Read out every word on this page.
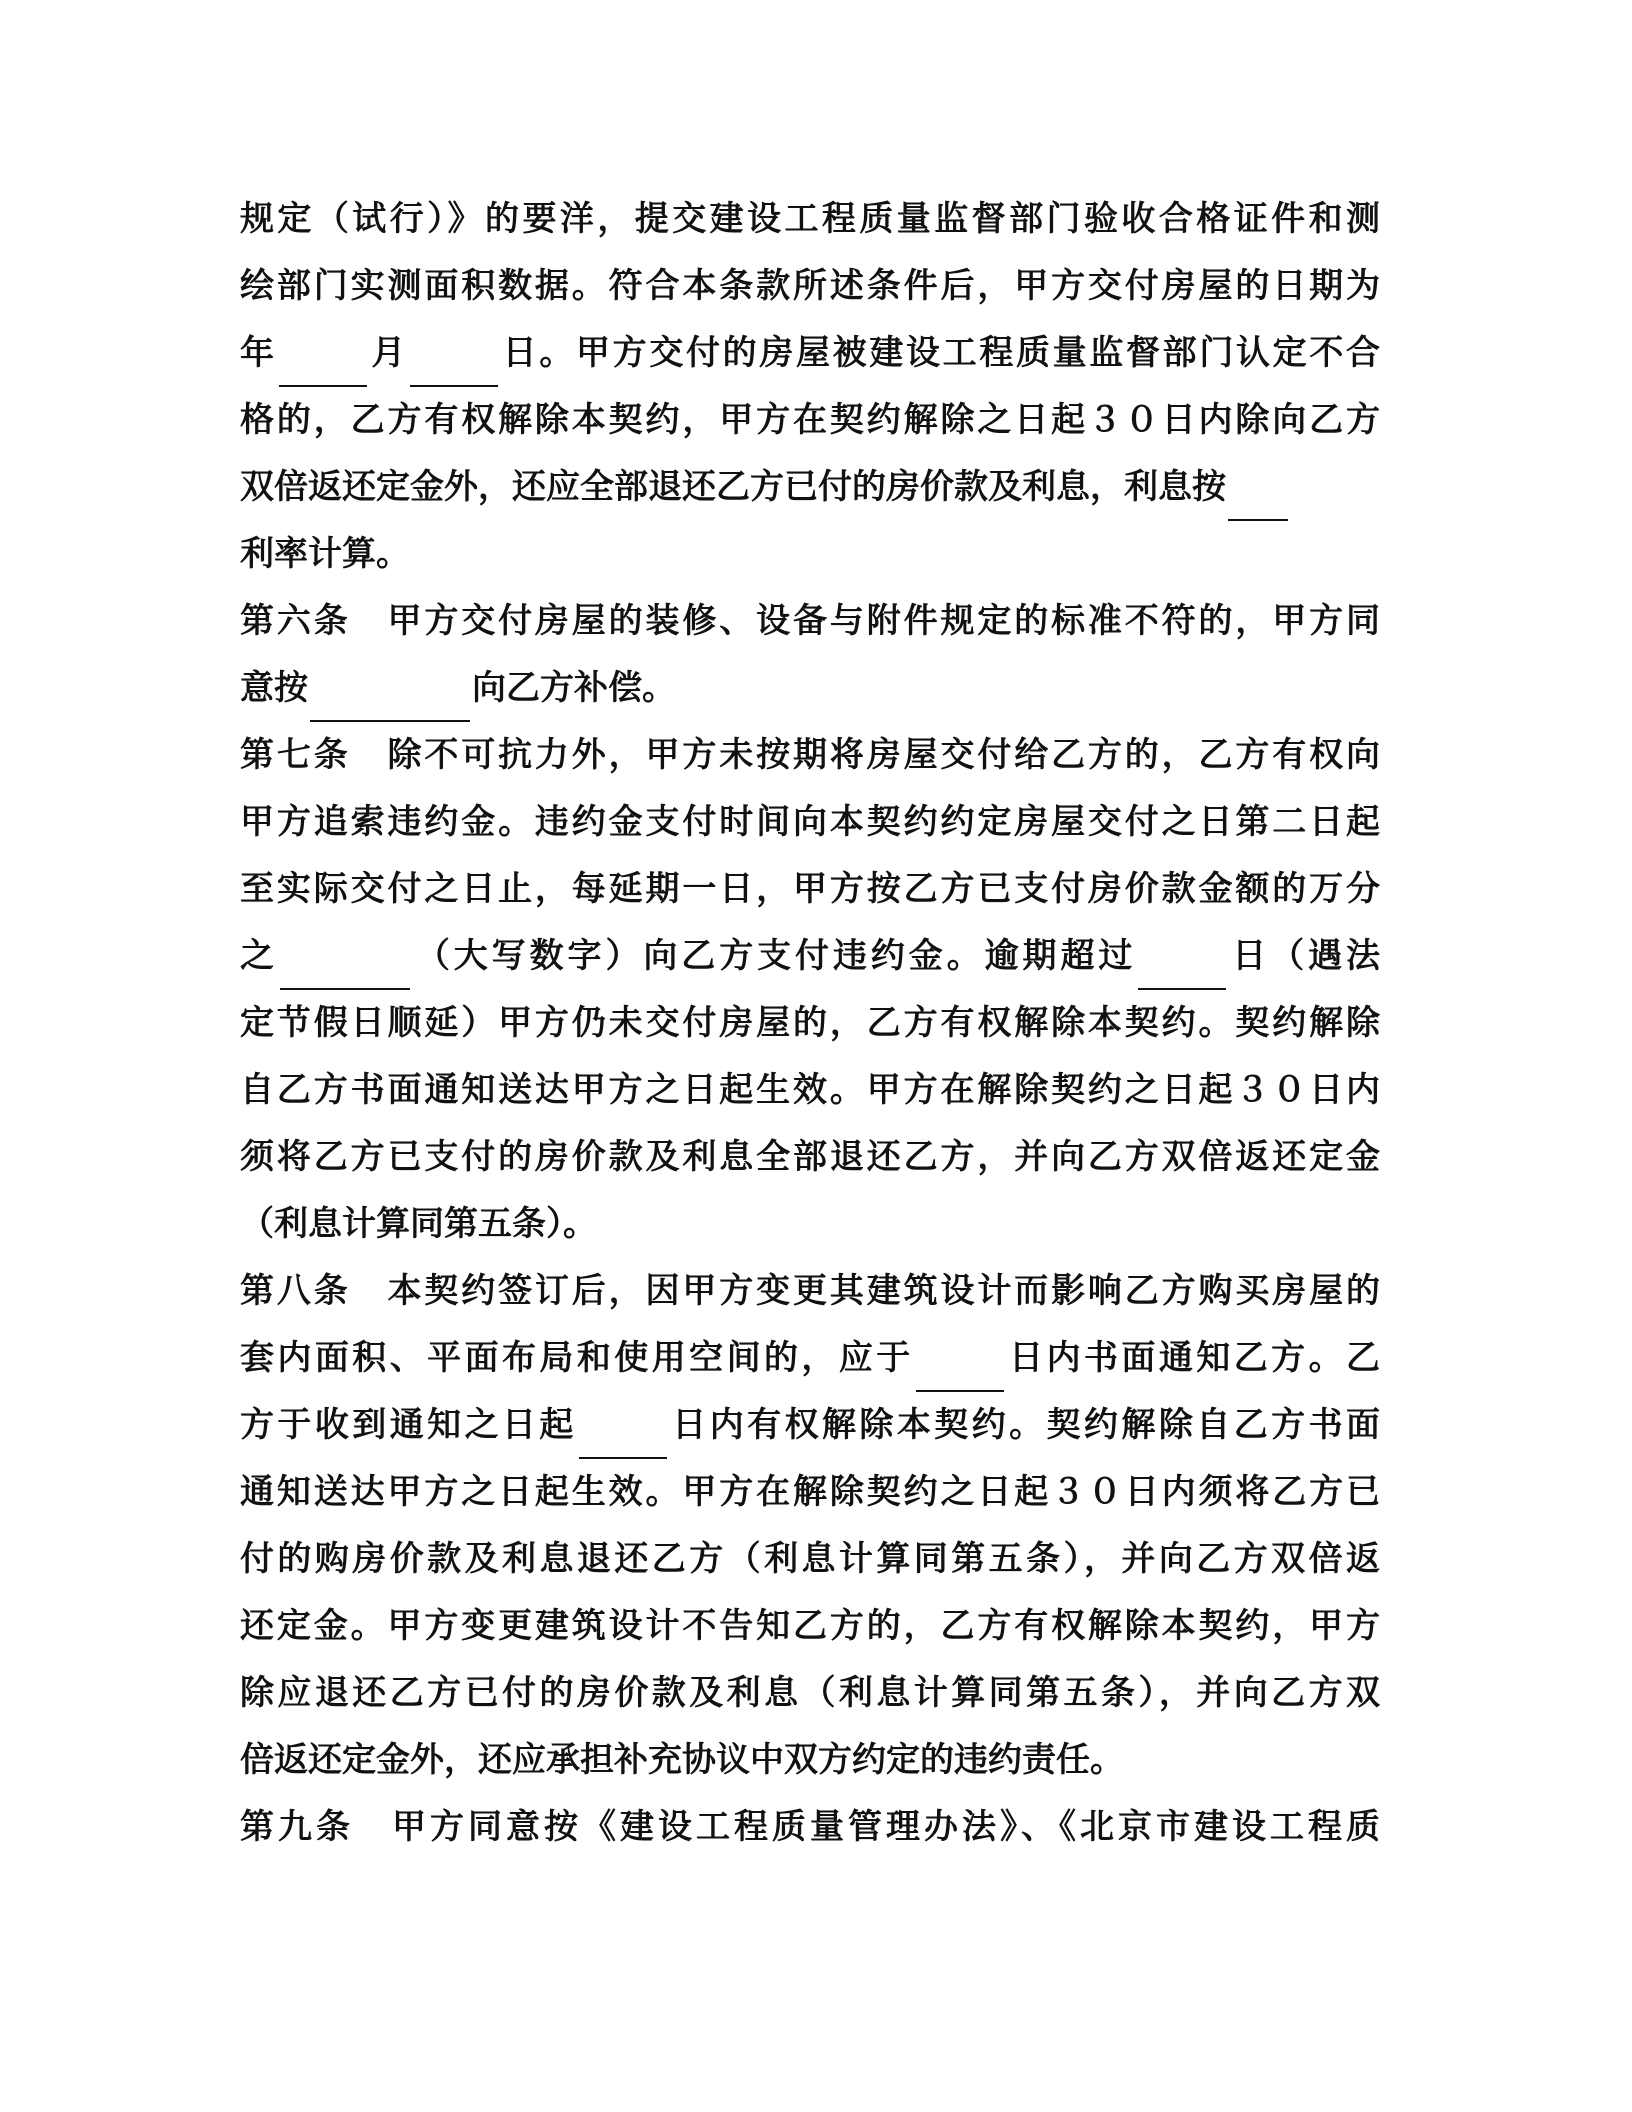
规定（试行）》的要洋，提交建设工程质量监督部门验收合格证件和测
绘部门实测面积数据。符合本条款所述条件后，甲方交付房屋的日期为
年	月	日。甲方交付的房屋被建设工程质量监督部门认定不合
格的，乙方有权解除本契约，甲方在契约解除之日起３０日内除向乙方
双倍返还定金外，还应全部退还乙方已付的房价款及利息，利息按
利率计算。
第六条　甲方交付房屋的装修、设备与附件规定的标准不符的，甲方同
意按	向乙方补偿。
第七条　除不可抗力外，甲方未按期将房屋交付给乙方的，乙方有权向
甲方追索违约金。违约金支付时间向本契约约定房屋交付之日第二日起
至实际交付之日止，每延期一日，甲方按乙方已支付房价款金额的万分
之	（大写数字）向乙方支付违约金。逾期超过	日（遇法
定节假日顺延）甲方仍未交付房屋的，乙方有权解除本契约。契约解除
自乙方书面通知送达甲方之日起生效。甲方在解除契约之日起３０日内
须将乙方已支付的房价款及利息全部退还乙方，并向乙方双倍返还定金
（利息计算同第五条）。
第八条　本契约签订后，因甲方变更其建筑设计而影响乙方购买房屋的
套内面积、平面布局和使用空间的，应于	日内书面通知乙方。乙
方于收到通知之日起	日内有权解除本契约。契约解除自乙方书面
通知送达甲方之日起生效。甲方在解除契约之日起３０日内须将乙方已
付的购房价款及利息退还乙方（利息计算同第五条），并向乙方双倍返
还定金。甲方变更建筑设计不告知乙方的，乙方有权解除本契约，甲方
除应退还乙方已付的房价款及利息（利息计算同第五条），并向乙方双
倍返还定金外，还应承担补充协议中双方约定的违约责任。
第九条　甲方同意按《建设工程质量管理办法》、《北京市建设工程质
